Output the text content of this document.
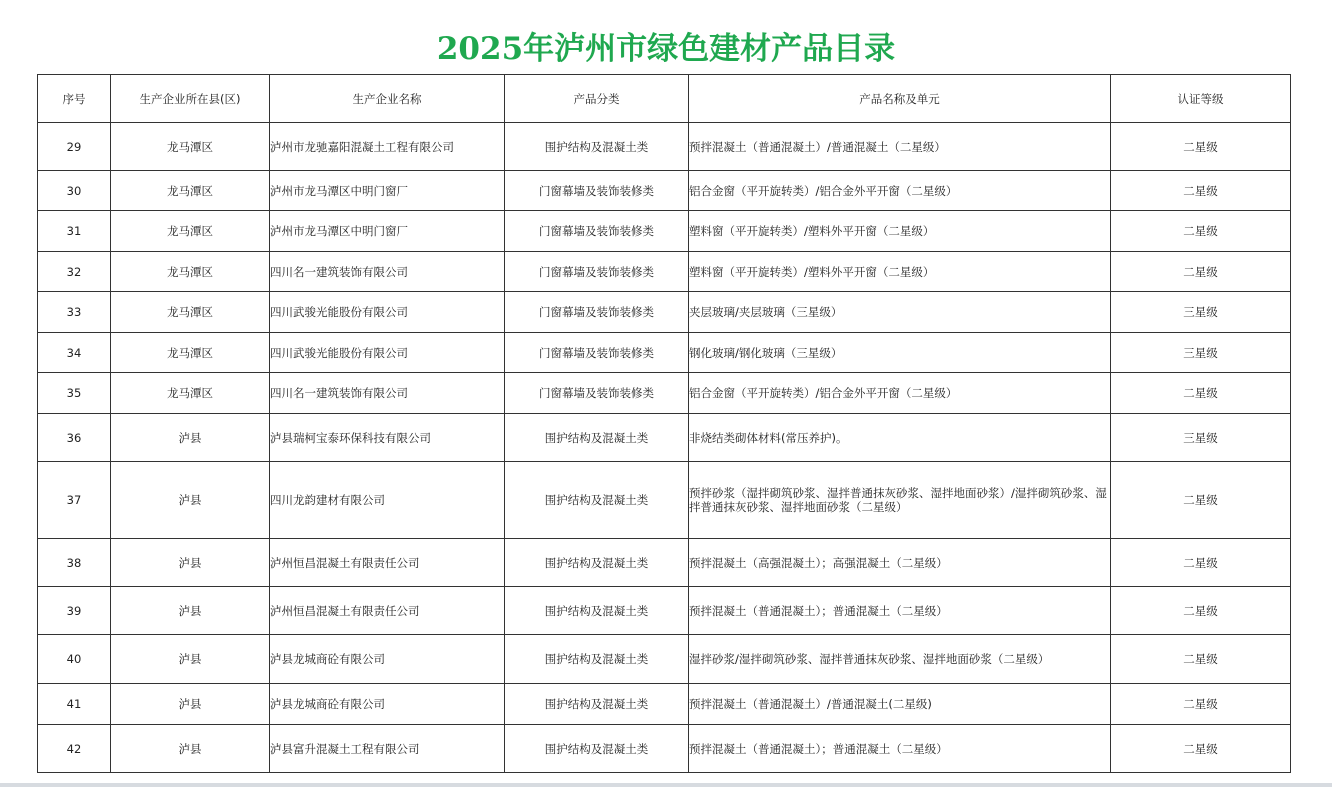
2025年泸州市绿色建材产品目录
序号	生产企业所在县(区)	生产企业名称	产品分类	产品名称及单元	认证等级
29	龙马潭区	泸州市龙驰嘉阳混凝土工程有限公司	围护结构及混凝土类	预拌混凝土（普通混凝土）/普通混凝土（二星级）	二星级
30	龙马潭区	泸州市龙马潭区中明门窗厂	门窗幕墙及装饰装修类	铝合金窗（平开旋转类）/铝合金外平开窗（二星级）	二星级
31	龙马潭区	泸州市龙马潭区中明门窗厂	门窗幕墙及装饰装修类	塑料窗（平开旋转类）/塑料外平开窗（二星级）	二星级
32	龙马潭区	四川名一建筑装饰有限公司	门窗幕墙及装饰装修类	塑料窗（平开旋转类）/塑料外平开窗（二星级）	二星级
33	龙马潭区	四川武骏光能股份有限公司	门窗幕墙及装饰装修类	夹层玻璃/夹层玻璃（三星级）	三星级
34	龙马潭区	四川武骏光能股份有限公司	门窗幕墙及装饰装修类	钢化玻璃/钢化玻璃（三星级）	三星级
35	龙马潭区	四川名一建筑装饰有限公司	门窗幕墙及装饰装修类	铝合金窗（平开旋转类）/铝合金外平开窗（二星级）	二星级
36	泸县	泸县瑞柯宝泰环保科技有限公司	围护结构及混凝土类	非烧结类砌体材料(常压养护)。	三星级
37	泸县	四川龙韵建材有限公司	围护结构及混凝土类	预拌砂浆（湿拌砌筑砂浆、湿拌普通抹灰砂浆、湿拌地面砂浆）/湿拌砌筑砂浆、湿拌普通抹灰砂浆、湿拌地面砂浆（二星级）	二星级
38	泸县	泸州恒昌混凝土有限责任公司	围护结构及混凝土类	预拌混凝土（高强混凝土）；高强混凝土（二星级）	二星级
39	泸县	泸州恒昌混凝土有限责任公司	围护结构及混凝土类	预拌混凝土（普通混凝土）；普通混凝土（二星级）	二星级
40	泸县	泸县龙城商砼有限公司	围护结构及混凝土类	湿拌砂浆/湿拌砌筑砂浆、湿拌普通抹灰砂浆、湿拌地面砂浆（二星级）	二星级
41	泸县	泸县龙城商砼有限公司	围护结构及混凝土类	预拌混凝土（普通混凝土）/普通混凝土(二星级)	二星级
42	泸县	泸县富升混凝土工程有限公司	围护结构及混凝土类	预拌混凝土（普通混凝土）；普通混凝土（二星级）	二星级
